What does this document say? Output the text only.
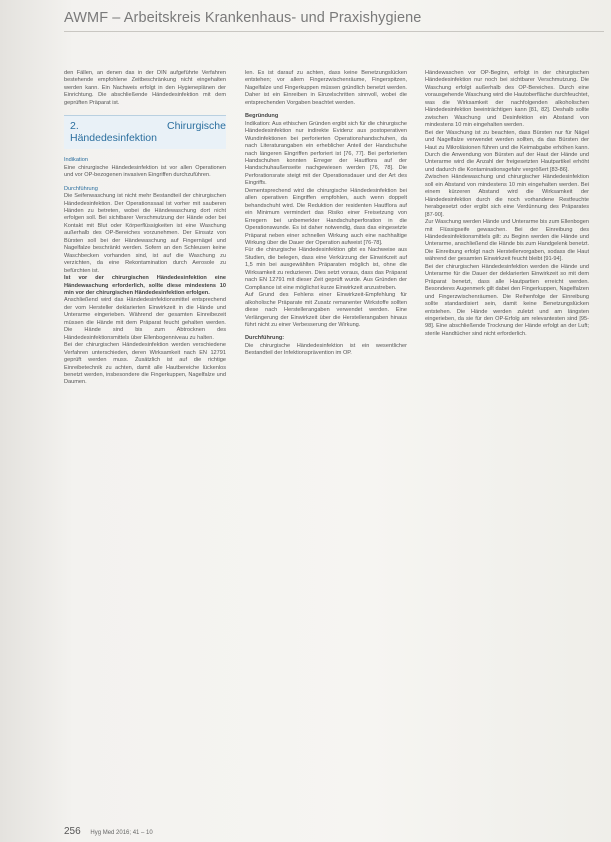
AWMF – Arbeitskreis Krankenhaus- und Praxishygiene

den Fällen, an denen das in der DIN aufgeführte Verfahren bestehende empfohlene Zeitbeschränkung nicht eingehalten werden kann. Ein Nachweis erfolgt in den Hygieneplänen der Einrichtung. Die abschließende Händedesinfektion mit dem geprüften Präparat ist.

2. Chirurgische Händedesinfektion

Indikation

Eine chirurgische Händedesinfektion ist vor allen Operationen und vor OP-bezogenen invasiven Eingriffen durchzuführen.

Durchführung

Die Seifenwaschung ist nicht mehr Bestandteil der chirurgischen Händedesinfektion. Der Operationssaal ist vorher mit sauberen Händen zu betreten, wobei die Händewaschung dort nicht erfolgen soll. Bei sichtbarer Verschmutzung der Hände oder bei Kontakt mit Blut oder Körperflüssigkeiten ist eine Waschung außerhalb des OP-Bereiches vorzunehmen. Der Einsatz von Bürsten soll bei der Händewaschung auf Fingernägel und Nagelfalze beschränkt werden. Sofern an den Schleusen keine Waschbecken vorhanden sind, ist auf die Waschung zu verzichten, da eine Rekontamination durch Aerosole zu befürchten ist.

Ist vor der chirurgischen Händedesinfektion eine Händewaschung erforderlich, sollte diese mindestens 10 min vor der chirurgischen Händedesinfektion erfolgen.

Anschließend wird das Händedesinfektionsmittel entsprechend der vom Hersteller deklarierten Einwirkzeit in die Hände und Unterarme eingerieben. Während der gesamten Einreibezeit müssen die Hände mit dem Präparat feucht gehalten werden. Die Hände sind bis zum Abtrocknen des Händedesinfektionsmittels über Ellenbogenniveau zu halten.

Bei der chirurgischen Händedesinfektion werden verschiedene Verfahren unterschieden, deren Wirksamkeit nach EN 12791 geprüft werden muss. Zusätzlich ist auf die richtige Einreibetechnik zu achten, damit alle Hautbereiche lückenlos benetzt werden, insbesondere die Fingerkuppen, Nagelfalze und Daumen.

len. Es ist darauf zu achten, dass keine Benetzungslücken entstehen; vor allem Fingerzwischenräume, Fingerspitzen, Nagelfalze und Fingerkuppen müssen gründlich benetzt werden. Daher ist ein Einreiben in Einzelschritten sinnvoll, wobei die entsprechenden Vorgaben beachtet werden.

Begründung

Indikation: Aus ethischen Gründen ergibt sich für die chirurgische Händedesinfektion nur indirekte Evidenz aus postoperativen Wundinfektionen bei perforierten Operationshandschuhen, da nach Literaturangaben ein erheblicher Anteil der Handschuhe nach längeren Eingriffen perforiert ist [76, 77]. Bei perforierten Handschuhen konnten Erreger der Hautflora auf der Handschuhaußenseite nachgewiesen werden [76, 78]. Die Perforationsrate steigt mit der Operationsdauer und der Art des Eingriffs.

Dementsprechend wird die chirurgische Händedesinfektion bei allen operativen Eingriffen empfohlen, auch wenn doppelt behandschuht wird. Die Reduktion der residenten Hautflora auf ein Minimum vermindert das Risiko einer Freisetzung von Erregern bei unbemerkter Handschuhperforation in die Operationswunde. Es ist daher notwendig, dass das eingesetzte Präparat neben einer schnellen Wirkung auch eine nachhaltige Wirkung über die Dauer der Operation aufweist [76-78].

Für die chirurgische Händedesinfektion gibt es Nachweise aus Studien, die belegen, dass eine Verkürzung der Einwirkzeit auf 1,5 min bei ausgewählten Präparaten möglich ist, ohne die Wirksamkeit zu reduzieren. Dies setzt voraus, dass das Präparat nach EN 12791 mit dieser Zeit geprüft wurde. Aus Gründen der Compliance ist eine möglichst kurze Einwirkzeit anzustreben.

Auf Grund des Fehlens einer Einwirkzeit-Empfehlung für alkoholische Präparate mit Zusatz remanenter Wirkstoffe sollten diese nach Herstellerangaben verwendet werden. Eine Verlängerung der Einwirkzeit über die Herstellerangaben hinaus führt nicht zu einer Verbesserung der Wirkung.

Durchführung:

Die chirurgische Händedesinfektion ist ein wesentlicher Bestandteil der Infektionsprävention im OP.

Händewaschen vor OP-Beginn, erfolgt in der chirurgischen Händedesinfektion nur noch bei sichtbarer Verschmutzung. Die Waschung erfolgt außerhalb des OP-Bereiches. Durch eine vorausgehende Waschung wird die Hautoberfläche durchfeuchtet, was die Wirksamkeit der nachfolgenden alkoholischen Händedesinfektion beeinträchtigen kann [81, 82]. Deshalb sollte zwischen Waschung und Desinfektion ein Abstand von mindestens 10 min eingehalten werden.

Bei der Waschung ist zu beachten, dass Bürsten nur für Nägel und Nagelfalze verwendet werden sollten, da das Bürsten der Haut zu Mikroläsionen führen und die Keimabgabe erhöhen kann. Durch die Anwendung von Bürsten auf der Haut der Hände und Unterarme wird die Anzahl der freigesetzten Hautpartikel erhöht und dadurch die Kontaminationsgefahr vergrößert [83-86].

Zwischen Händewaschung und chirurgischer Händedesinfektion soll ein Abstand von mindestens 10 min eingehalten werden. Bei einem kürzeren Abstand wird die Wirksamkeit der Händedesinfektion durch die noch vorhandene Restfeuchte herabgesetzt oder ergibt sich eine Verdünnung des Präparates [87-90].

Zur Waschung werden Hände und Unterarme bis zum Ellenbogen mit Flüssigseife gewaschen. Bei der Einreibung des Händedesinfektionsmittels gilt: zu Beginn werden die Hände und Unterarme, anschließend die Hände bis zum Handgelenk benetzt. Die Einreibung erfolgt nach Herstellervorgaben, sodass die Haut während der gesamten Einwirkzeit feucht bleibt [91-94].

Bei der chirurgischen Händedesinfektion werden die Hände und Unterarme für die Dauer der deklarierten Einwirkzeit so mit dem Präparat benetzt, dass alle Hautpartien erreicht werden. Besonderes Augenmerk gilt dabei den Fingerkuppen, Nagelfalzen und Fingerzwischenräumen. Die Reihenfolge der Einreibung sollte standardisiert sein, damit keine Benetzungslücken entstehen. Die Hände werden zuletzt und am längsten eingerieben, da sie für den OP-Erfolg am relevantesten sind [95-98]. Eine abschließende Trocknung der Hände erfolgt an der Luft; sterile Handtücher sind nicht erforderlich.

256 Hyg Med 2016; 41 – 10
